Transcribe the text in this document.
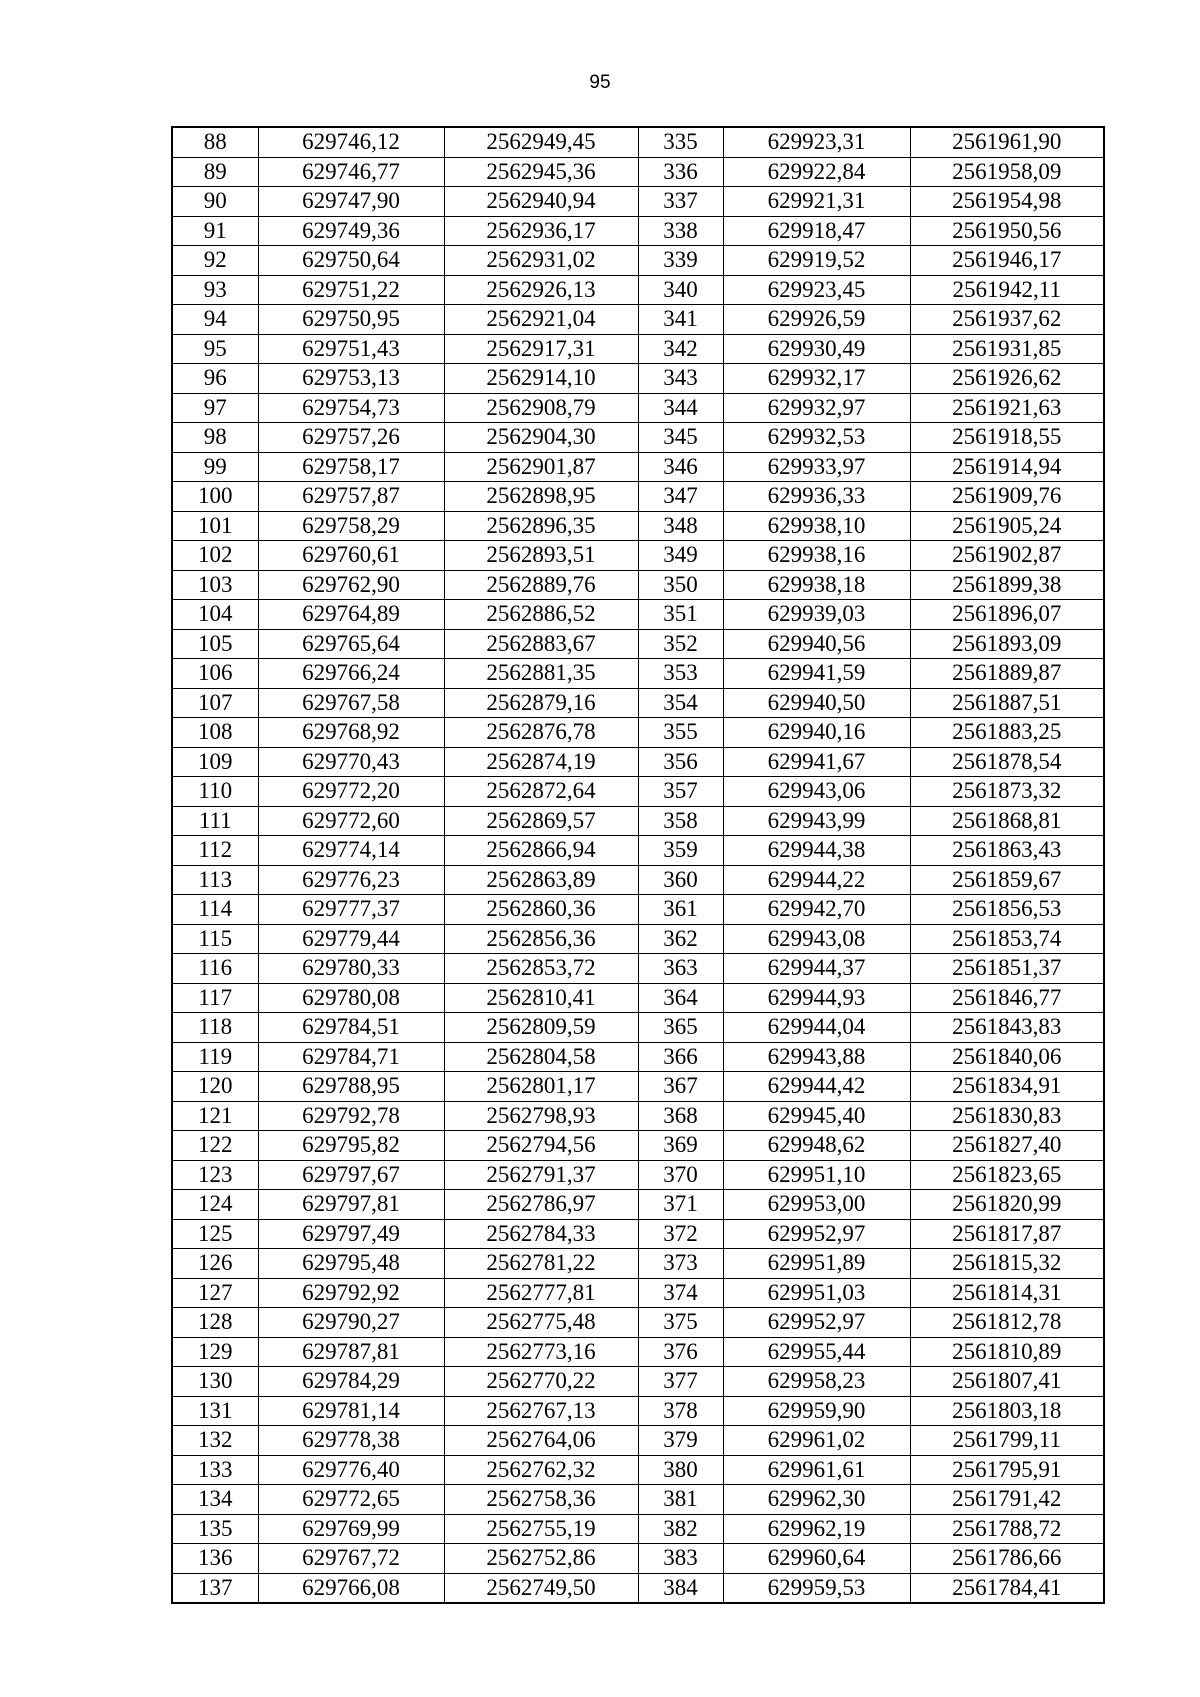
95
88	629746,12	2562949,45	335	629923,31	2561961,90
89	629746,77	2562945,36	336	629922,84	2561958,09
90	629747,90	2562940,94	337	629921,31	2561954,98
91	629749,36	2562936,17	338	629918,47	2561950,56
92	629750,64	2562931,02	339	629919,52	2561946,17
93	629751,22	2562926,13	340	629923,45	2561942,11
94	629750,95	2562921,04	341	629926,59	2561937,62
95	629751,43	2562917,31	342	629930,49	2561931,85
96	629753,13	2562914,10	343	629932,17	2561926,62
97	629754,73	2562908,79	344	629932,97	2561921,63
98	629757,26	2562904,30	345	629932,53	2561918,55
99	629758,17	2562901,87	346	629933,97	2561914,94
100	629757,87	2562898,95	347	629936,33	2561909,76
101	629758,29	2562896,35	348	629938,10	2561905,24
102	629760,61	2562893,51	349	629938,16	2561902,87
103	629762,90	2562889,76	350	629938,18	2561899,38
104	629764,89	2562886,52	351	629939,03	2561896,07
105	629765,64	2562883,67	352	629940,56	2561893,09
106	629766,24	2562881,35	353	629941,59	2561889,87
107	629767,58	2562879,16	354	629940,50	2561887,51
108	629768,92	2562876,78	355	629940,16	2561883,25
109	629770,43	2562874,19	356	629941,67	2561878,54
110	629772,20	2562872,64	357	629943,06	2561873,32
111	629772,60	2562869,57	358	629943,99	2561868,81
112	629774,14	2562866,94	359	629944,38	2561863,43
113	629776,23	2562863,89	360	629944,22	2561859,67
114	629777,37	2562860,36	361	629942,70	2561856,53
115	629779,44	2562856,36	362	629943,08	2561853,74
116	629780,33	2562853,72	363	629944,37	2561851,37
117	629780,08	2562810,41	364	629944,93	2561846,77
118	629784,51	2562809,59	365	629944,04	2561843,83
119	629784,71	2562804,58	366	629943,88	2561840,06
120	629788,95	2562801,17	367	629944,42	2561834,91
121	629792,78	2562798,93	368	629945,40	2561830,83
122	629795,82	2562794,56	369	629948,62	2561827,40
123	629797,67	2562791,37	370	629951,10	2561823,65
124	629797,81	2562786,97	371	629953,00	2561820,99
125	629797,49	2562784,33	372	629952,97	2561817,87
126	629795,48	2562781,22	373	629951,89	2561815,32
127	629792,92	2562777,81	374	629951,03	2561814,31
128	629790,27	2562775,48	375	629952,97	2561812,78
129	629787,81	2562773,16	376	629955,44	2561810,89
130	629784,29	2562770,22	377	629958,23	2561807,41
131	629781,14	2562767,13	378	629959,90	2561803,18
132	629778,38	2562764,06	379	629961,02	2561799,11
133	629776,40	2562762,32	380	629961,61	2561795,91
134	629772,65	2562758,36	381	629962,30	2561791,42
135	629769,99	2562755,19	382	629962,19	2561788,72
136	629767,72	2562752,86	383	629960,64	2561786,66
137	629766,08	2562749,50	384	629959,53	2561784,41
